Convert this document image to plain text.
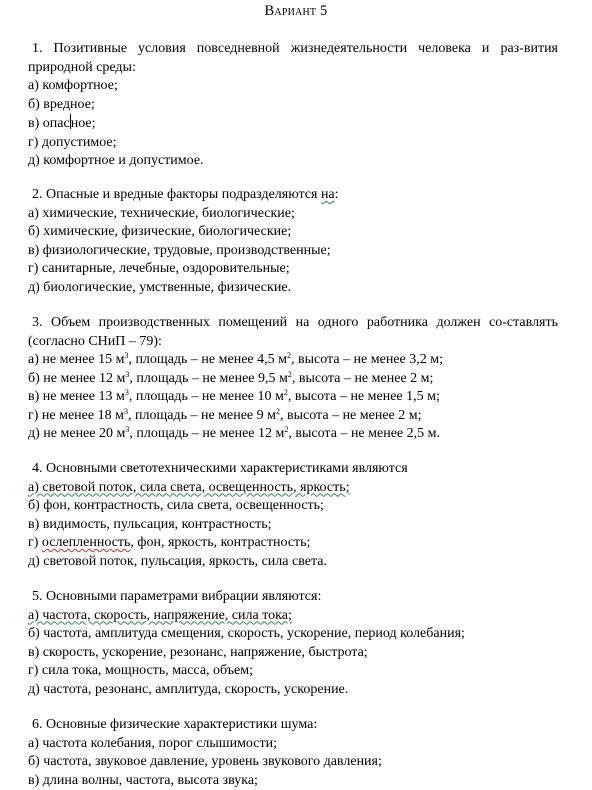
Вариант 5
1. Позитивные условия повседневной жизнедеятельности человека и раз-вития природной среды:
а) комфортное;
б) вредное;
в) опасное;
г) допустимое;
д) комфортное и допустимое.
2. Опасные и вредные факторы подразделяются на:
а) химические, технические, биологические;
б) химические, физические, биологические;
в) физиологические, трудовые, производственные;
г) санитарные, лечебные, оздоровительные;
д) биологические, умственные, физические.
3. Объем производственных помещений на одного работника должен со-ставлять (согласно СНиП – 79):
а) не менее 15 $м^3$, площадь – не менее 4,5 $м^2$, высота – не менее 3,2 м;
б) не менее 12 $м^3$, площадь – не менее 9,5 $м^2$, высота – не менее 2 м;
в) не менее 13 $м^3$, площадь – не менее 10 $м^2$, высота – не менее 1,5 м;
г) не менее 18 $м^3$, площадь – не менее 9 $м^2$, высота – не менее 2 м;
д) не менее 20 $м^3$, площадь – не менее 12 $м^2$, высота – не менее 2,5 м.
4. Основными светотехническими характеристиками являются
а) световой поток, сила света, освещенность, яркость;
б) фон, контрастность, сила света, освещенность;
в) видимость, пульсация, контрастность;
г) ослепленность, фон, яркость, контрастность;
д) световой поток, пульсация, яркость, сила света.
5. Основными параметрами вибрации являются:
а) частота, скорость, напряжение, сила тока;
б) частота, амплитуда смещения, скорость, ускорение, период колебания;
в) скорость, ускорение, резонанс, напряжение, быстрота;
г) сила тока, мощность, масса, объем;
д) частота, резонанс, амплитуда, скорость, ускорение.
6. Основные физические характеристики шума:
а) частота колебания, порог слышимости;
б) частота, звуковое давление, уровень звукового давления;
в) длина волны, частота, высота звука;
